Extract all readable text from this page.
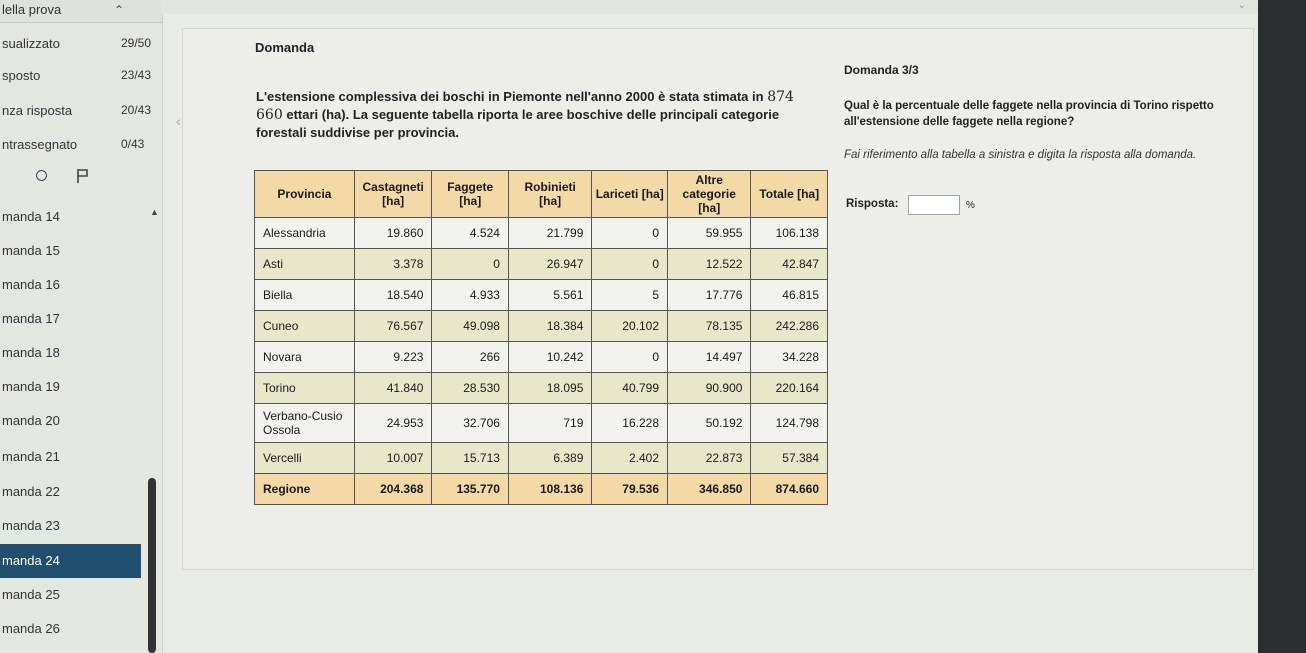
lella prova	⌃
sualizzato	29/50
sposto	23/43
nza risposta	20/43
ntrassegnato	0/43
▲
manda 14
manda 15
manda 16
manda 17
manda 18
manda 19
manda 20
manda 21
manda 22
manda 23
manda 24
manda 25
manda 26
⌄
‹
Domanda
L'estensione complessiva dei boschi in Piemonte nell'anno 2000 è stata stimata in 874 660 ettari (ha). La seguente tabella riporta le aree boschive delle principali categorie forestali suddivise per provincia.
Provincia	Castagneti [ha]	Faggete [ha]	Robinieti [ha]	Lariceti [ha]	Altre categorie [ha]	Totale [ha]
Alessandria	19.860	4.524	21.799	0	59.955	106.138
Asti	3.378	0	26.947	0	12.522	42.847
Biella	18.540	4.933	5.561	5	17.776	46.815
Cuneo	76.567	49.098	18.384	20.102	78.135	242.286
Novara	9.223	266	10.242	0	14.497	34.228
Torino	41.840	28.530	18.095	40.799	90.900	220.164
Verbano-Cusio Ossola	24.953	32.706	719	16.228	50.192	124.798
Vercelli	10.007	15.713	6.389	2.402	22.873	57.384
Regione	204.368	135.770	108.136	79.536	346.850	874.660
Domanda 3/3
Qual è la percentuale delle faggete nella provincia di Torino rispetto all'estensione delle faggete nella regione?
Fai riferimento alla tabella a sinistra e digita la risposta alla domanda.
Risposta:	%
